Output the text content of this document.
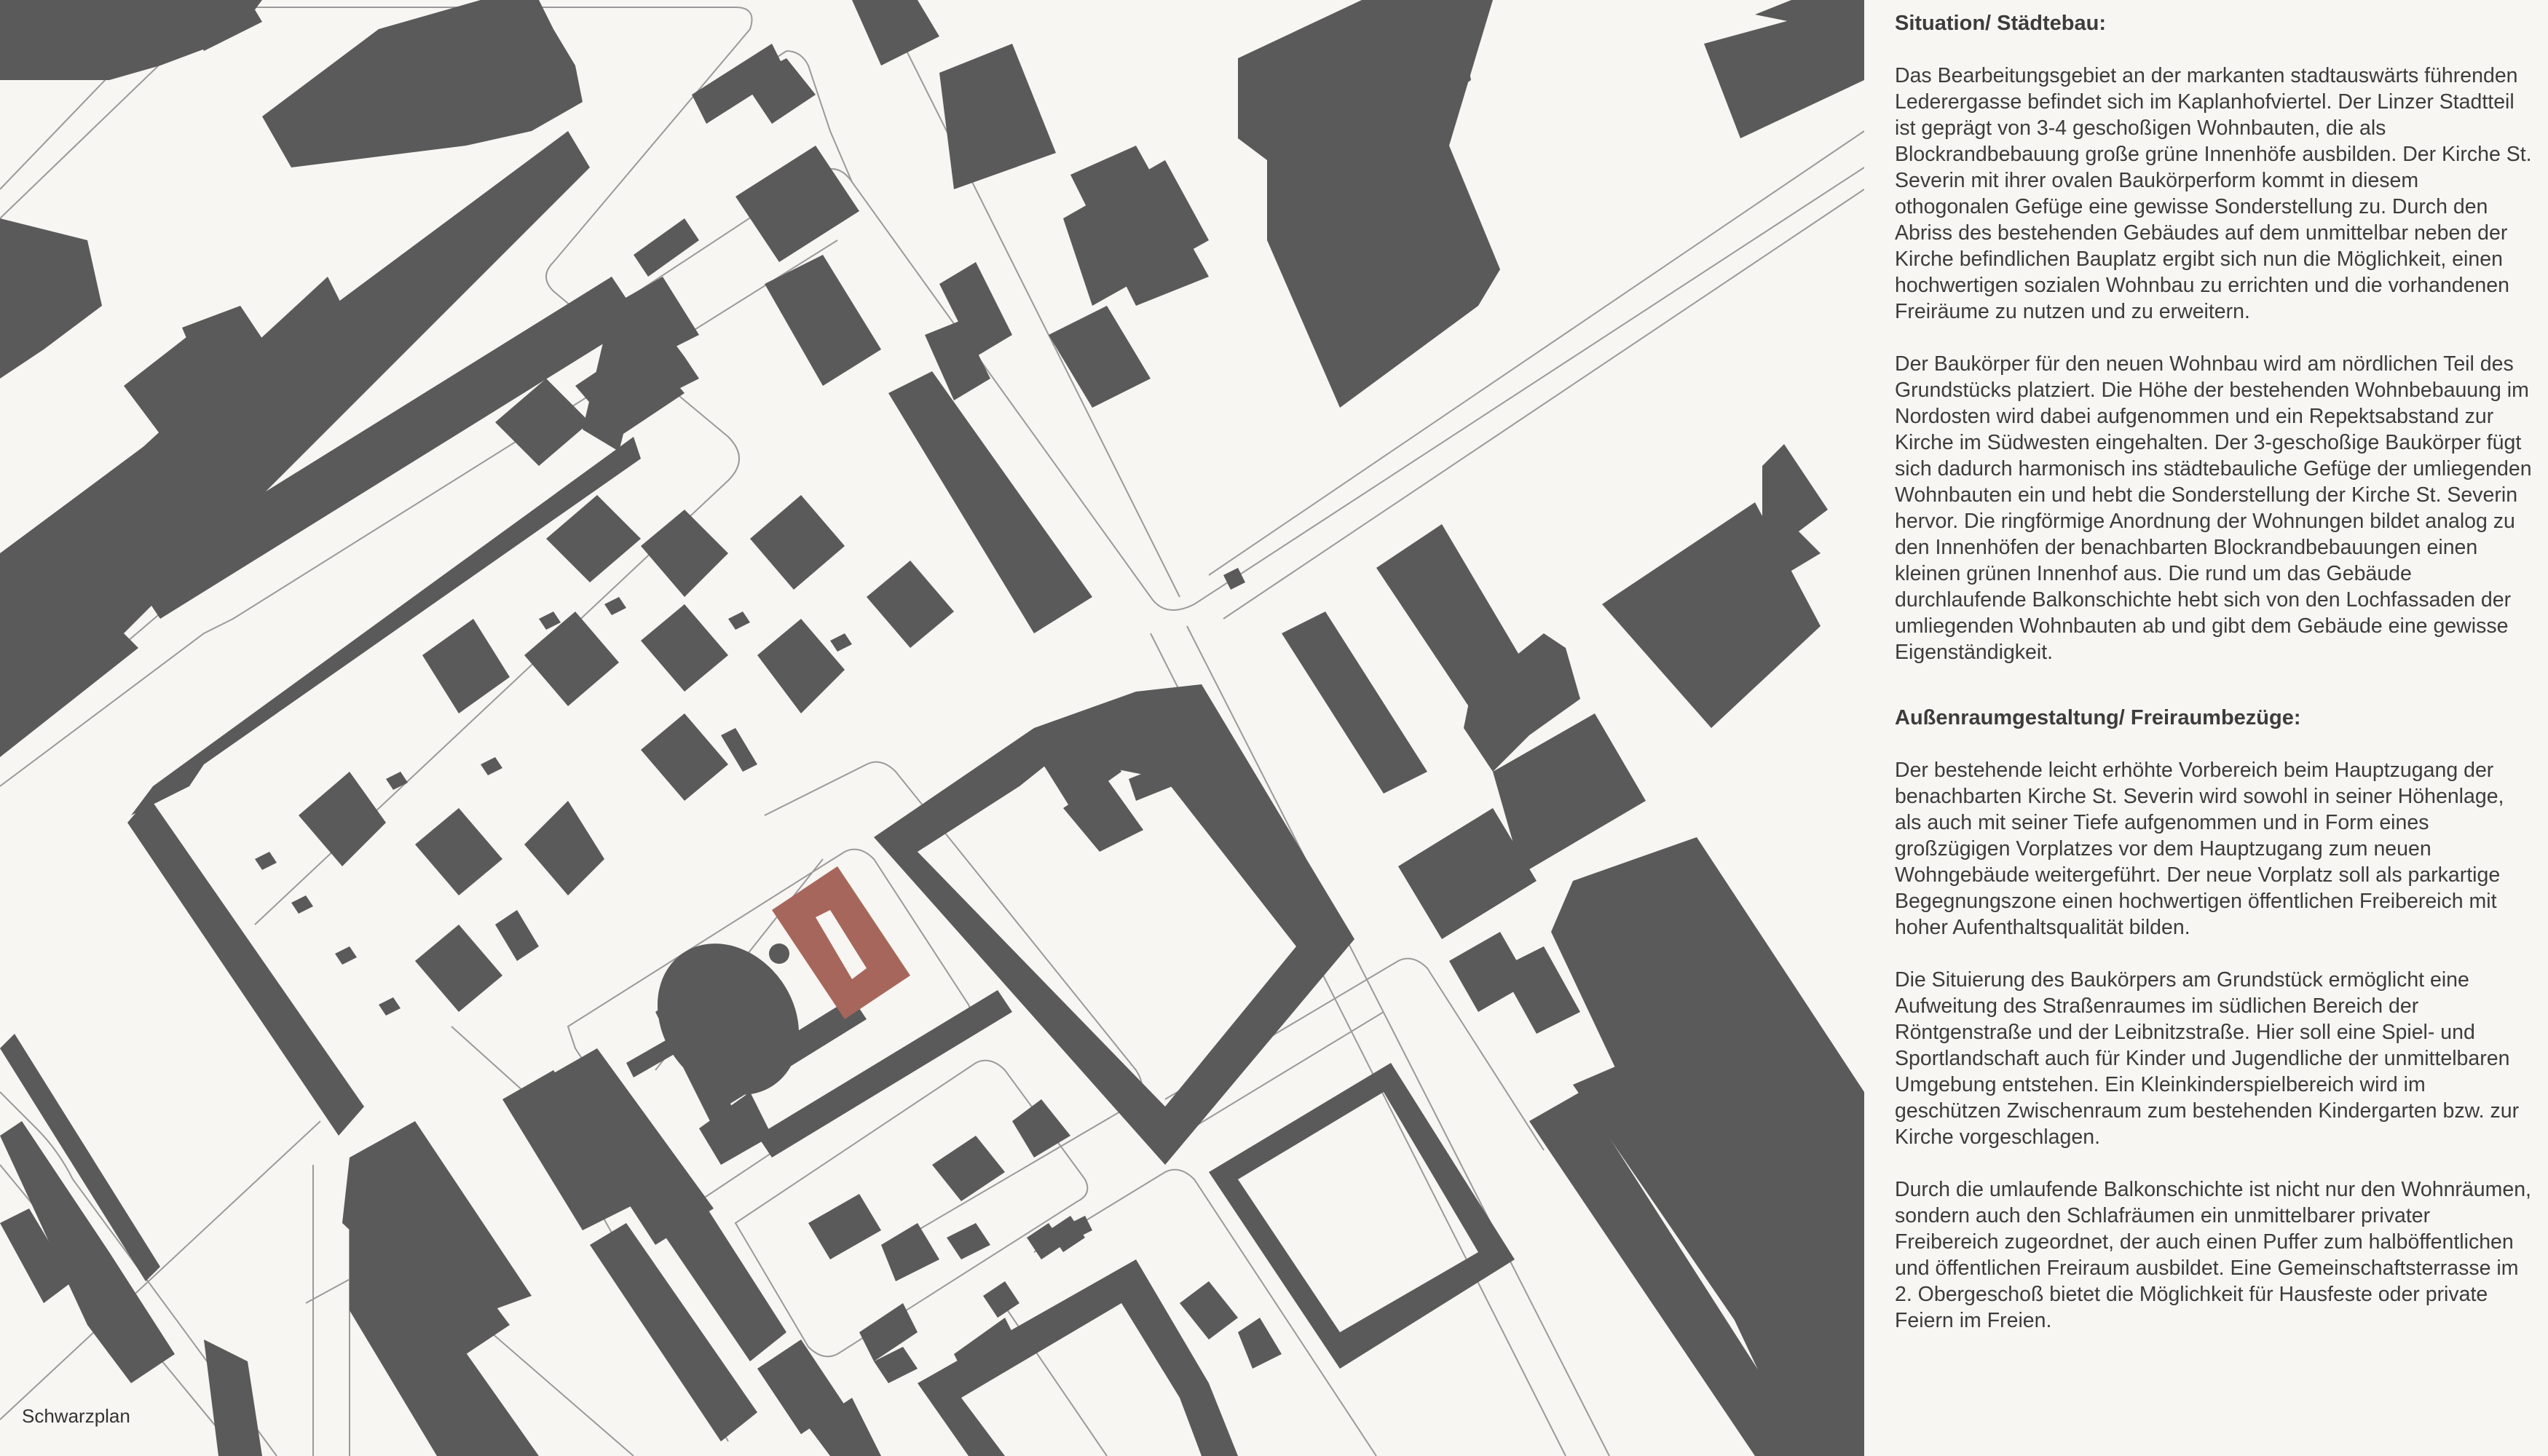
Schwarzplan
Situation/ Städtebau:

Das Bearbeitungsgebiet an der markanten stadtauswärts führenden Lederergasse befindet sich im Kaplanhofviertel. Der Linzer Stadtteil ist geprägt von 3-4 geschoßigen Wohnbauten, die als Blockrandbebauung große grüne Innenhöfe ausbilden. Der Kirche St. Severin mit ihrer ovalen Baukörperform kommt in diesem othogonalen Gefüge eine gewisse Sonderstellung zu. Durch den Abriss des bestehenden Gebäudes auf dem unmittelbar neben der Kirche befindlichen Bauplatz ergibt sich nun die Möglichkeit, einen hochwertigen sozialen Wohnbau zu errichten und die vorhandenen Freiräume zu nutzen und zu erweitern.

Der Baukörper für den neuen Wohnbau wird am nördlichen Teil des Grundstücks platziert. Die Höhe der bestehenden Wohnbebauung im Nordosten wird dabei aufgenommen und ein Repektsabstand zur Kirche im Südwesten eingehalten. Der 3-geschoßige Baukörper fügt sich dadurch harmonisch ins städtebauliche Gefüge der umliegenden Wohnbauten ein und hebt die Sonderstellung der Kirche St. Severin hervor. Die ringförmige Anordnung der Wohnungen bildet analog zu den Innenhöfen der benachbarten Blockrandbebauungen einen kleinen grünen Innenhof aus. Die rund um das Gebäude durchlaufende Balkonschichte hebt sich von den Lochfassaden der umliegenden Wohnbauten ab und gibt dem Gebäude eine gewisse Eigenständigkeit.

Außenraumgestaltung/ Freiraumbezüge:

Der bestehende leicht erhöhte Vorbereich beim Hauptzugang der benachbarten Kirche St. Severin wird sowohl in seiner Höhenlage, als auch mit seiner Tiefe aufgenommen und in Form eines großzügigen Vorplatzes vor dem Hauptzugang zum neuen Wohngebäude weitergeführt. Der neue Vorplatz soll als parkartige Begegnungszone einen hochwertigen öffentlichen Freibereich mit hoher Aufenthaltsqualität bilden.

Die Situierung des Baukörpers am Grundstück ermöglicht eine Aufweitung des Straßenraumes im südlichen Bereich der Röntgenstraße und der Leibnitzstraße. Hier soll eine Spiel- und Sportlandschaft auch für Kinder und Jugendliche der unmittelbaren Umgebung entstehen. Ein Kleinkinderspielbereich wird im geschützen Zwischenraum zum bestehenden Kindergarten bzw. zur Kirche vorgeschlagen.

Durch die umlaufende Balkonschichte ist nicht nur den Wohnräumen, sondern auch den Schlafräumen ein unmittelbarer privater Freibereich zugeordnet, der auch einen Puffer zum halböffentlichen und öffentlichen Freiraum ausbildet. Eine Gemeinschaftsterrasse im 2. Obergeschoß bietet die Möglichkeit für Hausfeste oder private Feiern im Freien.
